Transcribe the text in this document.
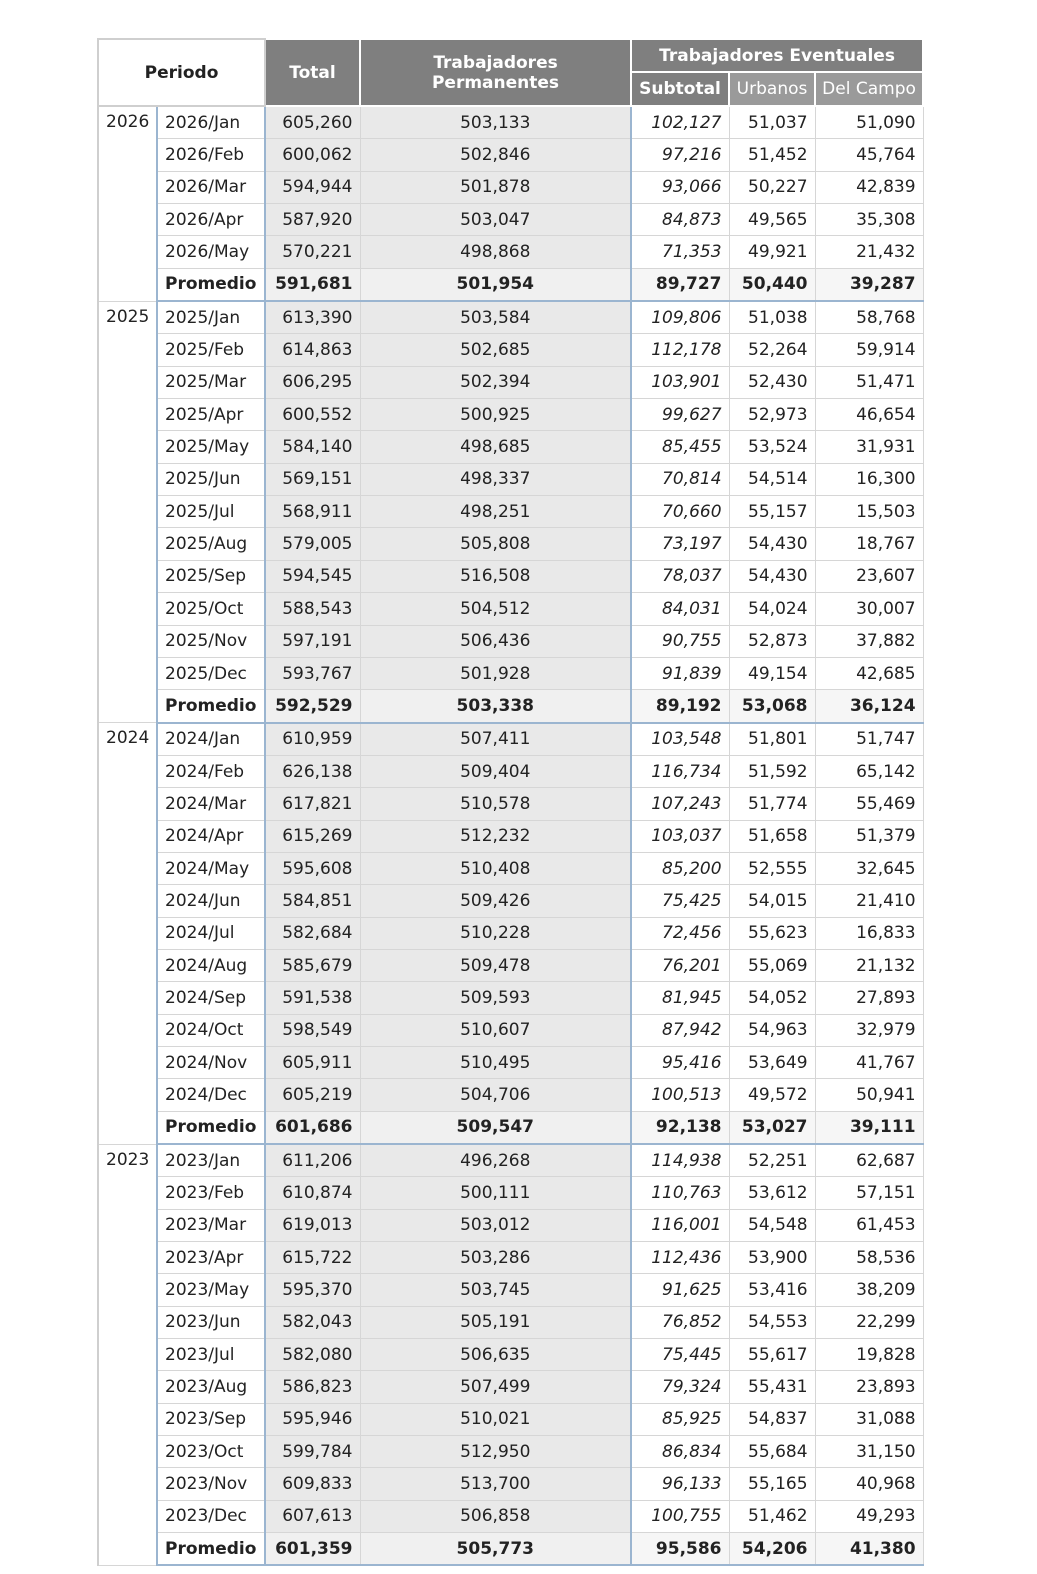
Periodo		Total	Trabajadores Permanentes	Trabajadores Eventuales		
				Subtotal	Urbanos	Del Campo
2026	2026/Jan	605,260	503,133	102,127	51,037	51,090
	2026/Feb	600,062	502,846	97,216	51,452	45,764
	2026/Mar	594,944	501,878	93,066	50,227	42,839
	2026/Apr	587,920	503,047	84,873	49,565	35,308
	2026/May	570,221	498,868	71,353	49,921	21,432
	Promedio	591,681	501,954	89,727	50,440	39,287
2025	2025/Jan	613,390	503,584	109,806	51,038	58,768
	2025/Feb	614,863	502,685	112,178	52,264	59,914
	2025/Mar	606,295	502,394	103,901	52,430	51,471
	2025/Apr	600,552	500,925	99,627	52,973	46,654
	2025/May	584,140	498,685	85,455	53,524	31,931
	2025/Jun	569,151	498,337	70,814	54,514	16,300
	2025/Jul	568,911	498,251	70,660	55,157	15,503
	2025/Aug	579,005	505,808	73,197	54,430	18,767
	2025/Sep	594,545	516,508	78,037	54,430	23,607
	2025/Oct	588,543	504,512	84,031	54,024	30,007
	2025/Nov	597,191	506,436	90,755	52,873	37,882
	2025/Dec	593,767	501,928	91,839	49,154	42,685
	Promedio	592,529	503,338	89,192	53,068	36,124
2024	2024/Jan	610,959	507,411	103,548	51,801	51,747
	2024/Feb	626,138	509,404	116,734	51,592	65,142
	2024/Mar	617,821	510,578	107,243	51,774	55,469
	2024/Apr	615,269	512,232	103,037	51,658	51,379
	2024/May	595,608	510,408	85,200	52,555	32,645
	2024/Jun	584,851	509,426	75,425	54,015	21,410
	2024/Jul	582,684	510,228	72,456	55,623	16,833
	2024/Aug	585,679	509,478	76,201	55,069	21,132
	2024/Sep	591,538	509,593	81,945	54,052	27,893
	2024/Oct	598,549	510,607	87,942	54,963	32,979
	2024/Nov	605,911	510,495	95,416	53,649	41,767
	2024/Dec	605,219	504,706	100,513	49,572	50,941
	Promedio	601,686	509,547	92,138	53,027	39,111
2023	2023/Jan	611,206	496,268	114,938	52,251	62,687
	2023/Feb	610,874	500,111	110,763	53,612	57,151
	2023/Mar	619,013	503,012	116,001	54,548	61,453
	2023/Apr	615,722	503,286	112,436	53,900	58,536
	2023/May	595,370	503,745	91,625	53,416	38,209
	2023/Jun	582,043	505,191	76,852	54,553	22,299
	2023/Jul	582,080	506,635	75,445	55,617	19,828
	2023/Aug	586,823	507,499	79,324	55,431	23,893
	2023/Sep	595,946	510,021	85,925	54,837	31,088
	2023/Oct	599,784	512,950	86,834	55,684	31,150
	2023/Nov	609,833	513,700	96,133	55,165	40,968
	2023/Dec	607,613	506,858	100,755	51,462	49,293
	Promedio	601,359	505,773	95,586	54,206	41,380
